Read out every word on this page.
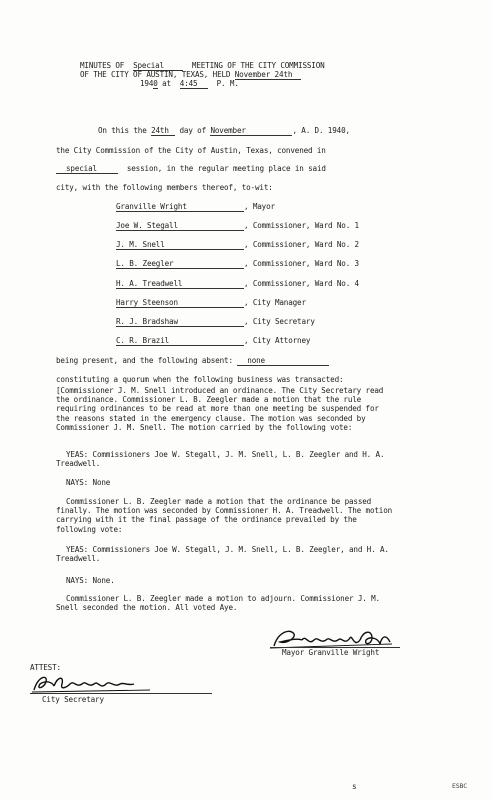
MINUTES OF Special	MEETING OF THE CITY COMMISSION
OF THE CITY OF AUSTIN, TEXAS, HELD November 24th
1940 at 4:45	P. M.
On this the 24th day of November	, A. D. 1940,
the City Commission of the City of Austin, Texas, convened in
special	session, in the regular meeting place in said
city, with the following members thereof, to-wit:
Granville Wright	, Mayor
Joe W. Stegall	, Commissioner, Ward No. 1
J. M. Snell	, Commissioner, Ward No. 2
L. B. Zeegler	, Commissioner, Ward No. 3
H. A. Treadwell	, Commissioner, Ward No. 4
Harry Steenson	, City Manager
R. J. Bradshaw	, City Secretary
C. R. Brazil	, City Attorney
being present, and the following absent: none
constituting a quorum when the following business was transacted:
[Commissioner J. M. Snell introduced an ordinance. The City Secretary read the ordinance. Commissioner L. B. Zeegler made a motion that the rule requiring ordinances to be read at more than one meeting be suspended for the reasons stated in the emergency clause. The motion was seconded by Commissioner J. M. Snell. The motion carried by the following vote:
YEAS: Commissioners Joe W. Stegall, J. M. Snell, L. B. Zeegler and H. A. Treadwell.
NAYS: None
Commissioner L. B. Zeegler made a motion that the ordinance be passed finally. The motion was seconded by Commissioner H. A. Treadwell. The motion carrying with it the final passage of the ordinance prevailed by the following vote:
YEAS: Commissioners Joe W. Stegall, J. M. Snell, L. B. Zeegler, and H. A. Treadwell.
NAYS: None.
Commissioner L. B. Zeegler made a motion to adjourn. Commissioner J. M. Snell seconded the motion. All voted Aye.
Mayor Granville Wright
ATTEST:
City Secretary
s	ESBC
